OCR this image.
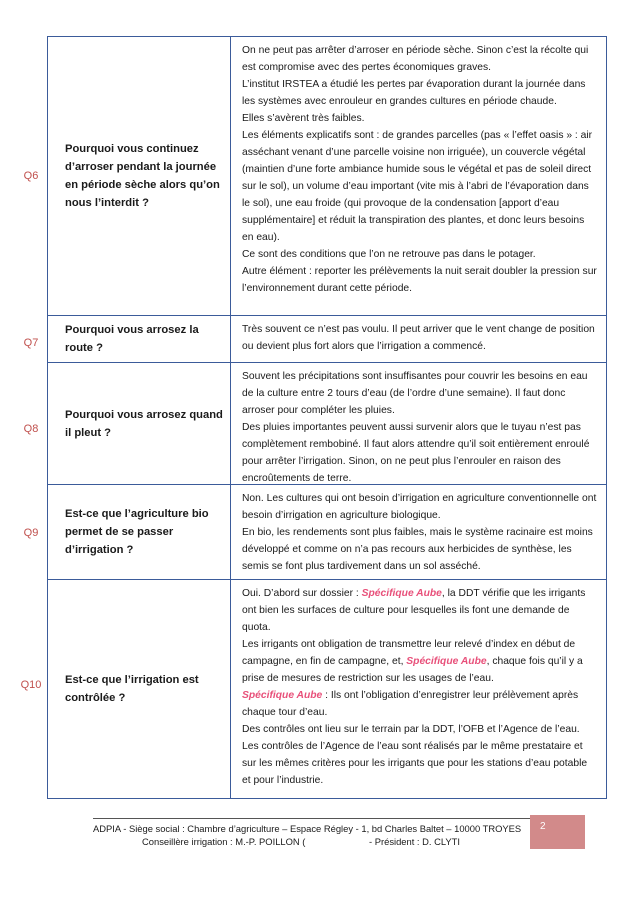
Q6
Pourquoi vous continuez d’arroser pendant la journée en période sèche alors qu’on nous l’interdit ?

On ne peut pas arrêter d’arroser en période sèche. Sinon c’est la récolte qui est compromise avec des pertes économiques graves.

L’institut IRSTEA a étudié les pertes par évaporation durant la journée dans les systèmes avec enrouleur en grandes cultures en période chaude.

Elles s’avèrent très faibles.

Les éléments explicatifs sont : de grandes parcelles (pas « l’effet oasis » : air asséchant venant d’une parcelle voisine non irriguée), un couvercle végétal (maintien d’une forte ambiance humide sous le végétal et pas de soleil direct sur le sol), un volume d’eau important (vite mis à l’abri de l’évaporation dans le sol), une eau froide (qui provoque de la condensation [apport d’eau supplémentaire] et réduit la transpiration des plantes, et donc leurs besoins en eau).

Ce sont des conditions que l’on ne retrouve pas dans le potager.

Autre élément : reporter les prélèvements la nuit serait doubler la pression sur l’environnement durant cette période.

Q7
Pourquoi vous arrosez la route ?

Très souvent ce n’est pas voulu. Il peut arriver que le vent change de position ou devient plus fort alors que l’irrigation a commencé.

Q8
Pourquoi vous arrosez quand il pleut ?

Souvent les précipitations sont insuffisantes pour couvrir les besoins en eau de la culture entre 2 tours d’eau (de l’ordre d’une semaine). Il faut donc arroser pour compléter les pluies.

Des pluies importantes peuvent aussi survenir alors que le tuyau n’est pas complètement rembobiné. Il faut alors attendre qu’il soit entièrement enroulé pour arrêter l’irrigation. Sinon, on ne peut plus l’enrouler en raison des encroûtements de terre.

Q9
Est-ce que l’agriculture bio permet de se passer d’irrigation ?

Non. Les cultures qui ont besoin d’irrigation en agriculture conventionnelle ont besoin d’irrigation en agriculture biologique.

En bio, les rendements sont plus faibles, mais le système racinaire est moins développé et comme on n’a pas recours aux herbicides de synthèse, les semis se font plus tardivement dans un sol asséché.

Q10 Est-ce que l’irrigation est contrôlée ?

Oui. D’abord sur dossier : Spécifique Aube, la DDT vérifie que les irrigants ont bien les surfaces de culture pour lesquelles ils font une demande de quota.

Les irrigants ont obligation de transmettre leur relevé d’index en début de campagne, en fin de campagne, et, Spécifique Aube, chaque fois qu’il y a prise de mesures de restriction sur les usages de l’eau.

Spécifique Aube : Ils ont l’obligation d’enregistrer leur prélèvement après chaque tour d’eau.

Des contrôles ont lieu sur le terrain par la DDT, l’OFB et l’Agence de l’eau.

Les contrôles de l’Agence de l’eau sont réalisés par le même prestataire et sur les mêmes critères pour les irrigants que pour les stations d’eau potable et pour l’industrie.

ADPIA - Siège social : Chambre d’agriculture – Espace Régley - 1, bd Charles Baltet – 10000 TROYES
Conseillère irrigation : M.-P. POILLON (	- Président : D. CLYTI
2
